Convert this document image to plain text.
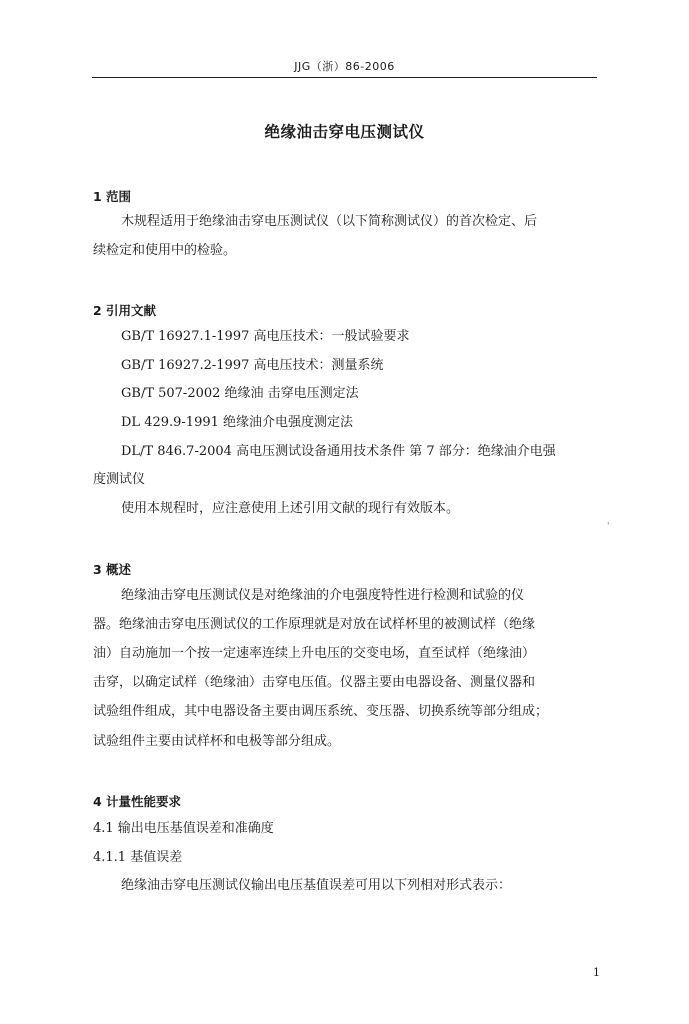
JJG（浙）86-2006
绝缘油击穿电压测试仪
1 范围
木规程适用于绝缘油击穿电压测试仪（以下简称测试仪）的首次检定、后
续检定和使用中的检验。
2 引用文献
GB/T 16927.1-1997 高电压技术：一般试验要求
GB/T 16927.2-1997 高电压技术：测量系统
GB/T 507-2002 绝缘油 击穿电压测定法
DL 429.9-1991 绝缘油介电强度测定法
DL/T 846.7-2004 高电压测试设备通用技术条件 第 7 部分：绝缘油介电强
度测试仪
使用本规程时，应注意使用上述引用文献的现行有效版本。
'
3 概述
绝缘油击穿电压测试仪是对绝缘油的介电强度特性进行检测和试验的仪
器。绝缘油击穿电压测试仪的工作原理就是对放在试样杯里的被测试样（绝缘
油）自动施加一个按一定速率连续上升电压的交变电场，直至试样（绝缘油）
击穿，以确定试样（绝缘油）击穿电压值。仪器主要由电器设备、测量仪器和
试验组件组成，其中电器设备主要由调压系统、变压器、切换系统等部分组成；
试验组件主要由试样杯和电极等部分组成。
4 计量性能要求
4.1 输出电压基值误差和准确度
4.1.1 基值误差
绝缘油击穿电压测试仪输出电压基值误差可用以下列相对形式表示：
1
